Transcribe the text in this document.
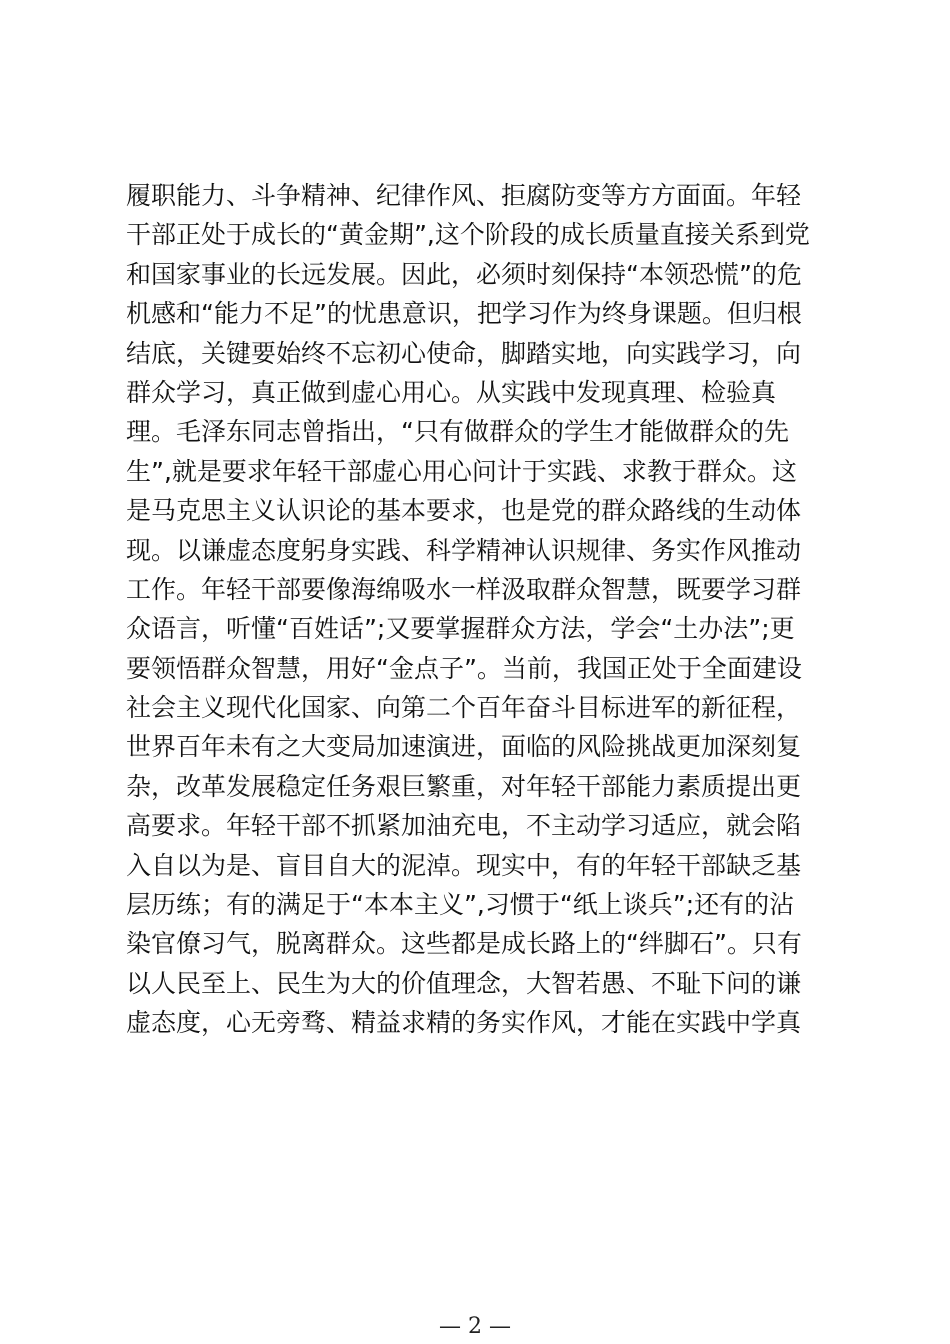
履职能力、斗争精神、纪律作风、拒腐防变等方方面面。年轻
干部正处于成长的“黄金期”,这个阶段的成长质量直接关系到党
和国家事业的长远发展。因此，必须时刻保持“本领恐慌”的危
机感和“能力不足”的忧患意识，把学习作为终身课题。但归根
结底，关键要始终不忘初心使命，脚踏实地，向实践学习，向
群众学习，真正做到虚心用心。从实践中发现真理、检验真
理。毛泽东同志曾指出，“只有做群众的学生才能做群众的先
生”,就是要求年轻干部虚心用心问计于实践、求教于群众。这
是马克思主义认识论的基本要求，也是党的群众路线的生动体
现。以谦虚态度躬身实践、科学精神认识规律、务实作风推动
工作。年轻干部要像海绵吸水一样汲取群众智慧，既要学习群
众语言，听懂“百姓话”;又要掌握群众方法，学会“土办法”;更
要领悟群众智慧，用好“金点子”。当前，我国正处于全面建设
社会主义现代化国家、向第二个百年奋斗目标进军的新征程，
世界百年未有之大变局加速演进，面临的风险挑战更加深刻复
杂，改革发展稳定任务艰巨繁重，对年轻干部能力素质提出更
高要求。年轻干部不抓紧加油充电，不主动学习适应，就会陷
入自以为是、盲目自大的泥淖。现实中，有的年轻干部缺乏基
层历练；有的满足于“本本主义”,习惯于“纸上谈兵”;还有的沾
染官僚习气，脱离群众。这些都是成长路上的“绊脚石”。只有
以人民至上、民生为大的价值理念，大智若愚、不耻下问的谦
虚态度，心无旁骛、精益求精的务实作风，才能在实践中学真
— 2 —
